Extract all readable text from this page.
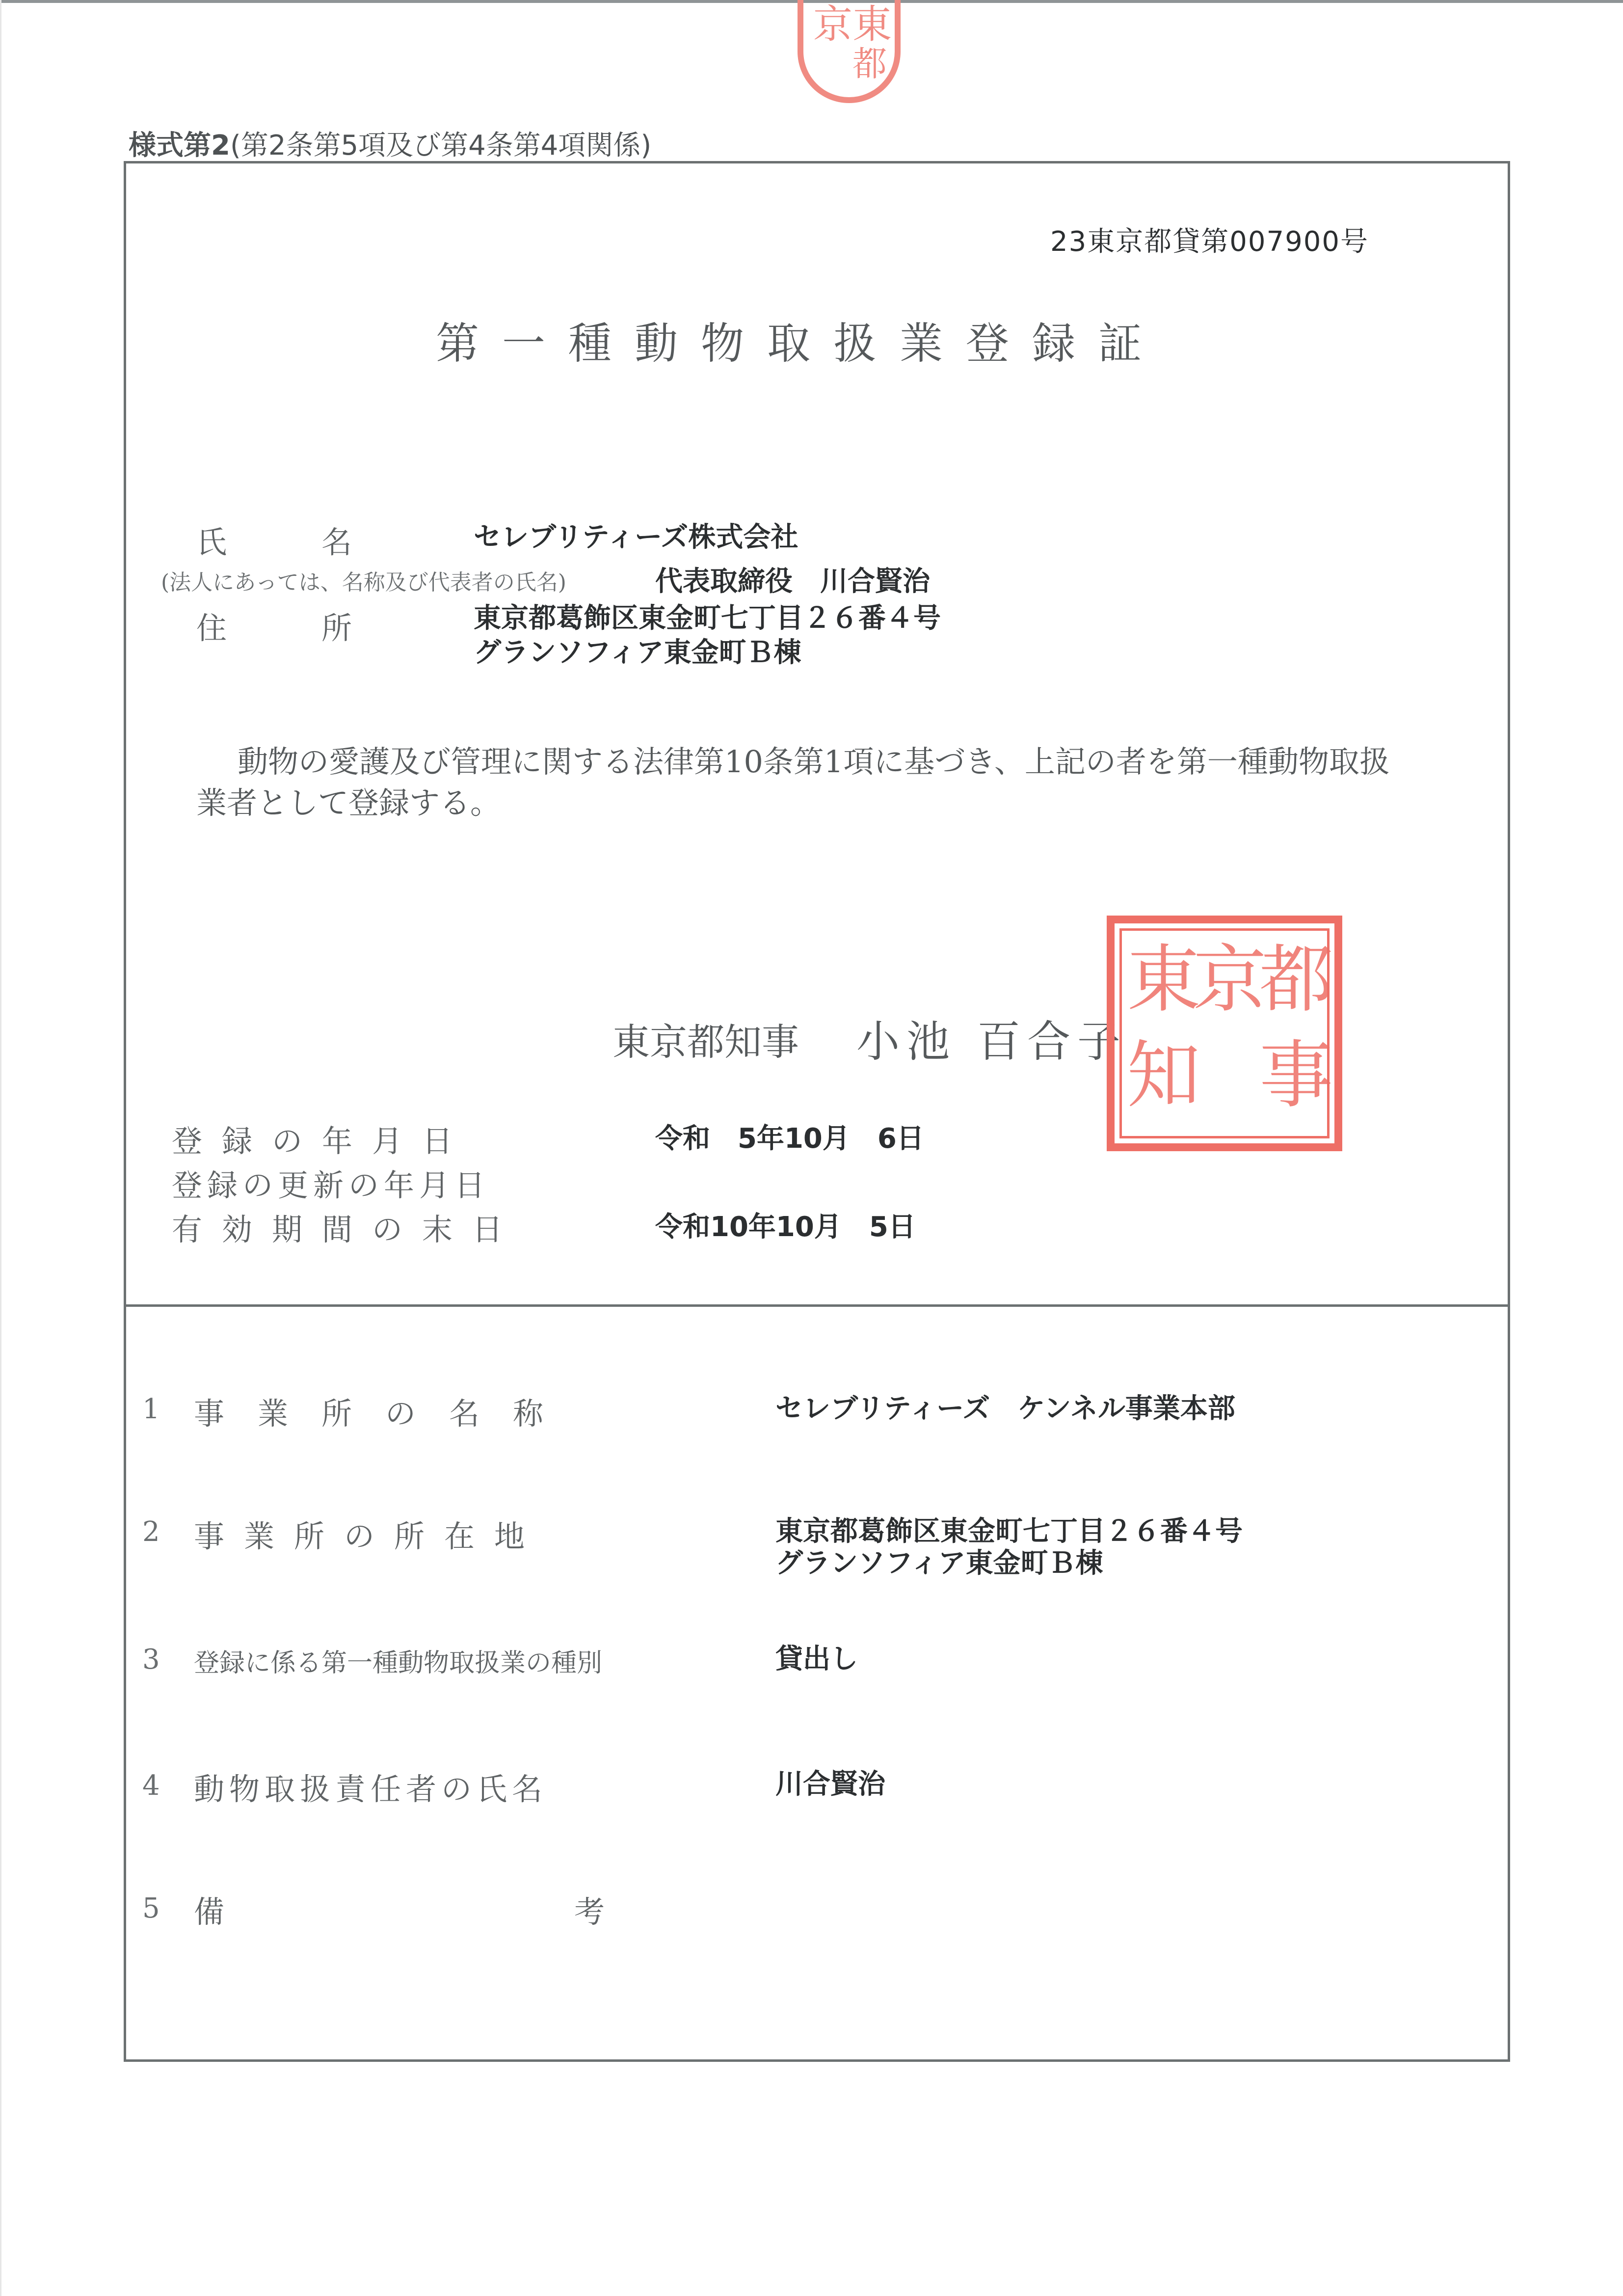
京 東
都
様式第2(第2条第5項及び第4条第4項関係)
23東京都貸第007900号
第一種動物取扱業登録証
氏	名	セレブリティーズ株式会社
(法人にあっては、名称及び代表者の氏名)	代表取締役　川合賢治
住	所	東京都葛飾区東金町七丁目２６番４号
グランソフィア東金町Ｂ棟
動物の愛護及び管理に関する法律第10条第1項に基づき、上記の者を第一種動物取扱
業者として登録する。
東京都知事 小池 百合子
都
京
東
事
知
登録の年月日	令和　5年10月　6日
登録の更新の年月日
有効期間の末日	令和10年10月　5日
1 事業所の名称	セレブリティーズ　ケンネル事業本部
2 事業所の所在地	東京都葛飾区東金町七丁目２６番４号
グランソフィア東金町Ｂ棟
3 登録に係る第一種動物取扱業の種別	貸出し
4 動物取扱責任者の氏名	川合賢治
5 備	考
